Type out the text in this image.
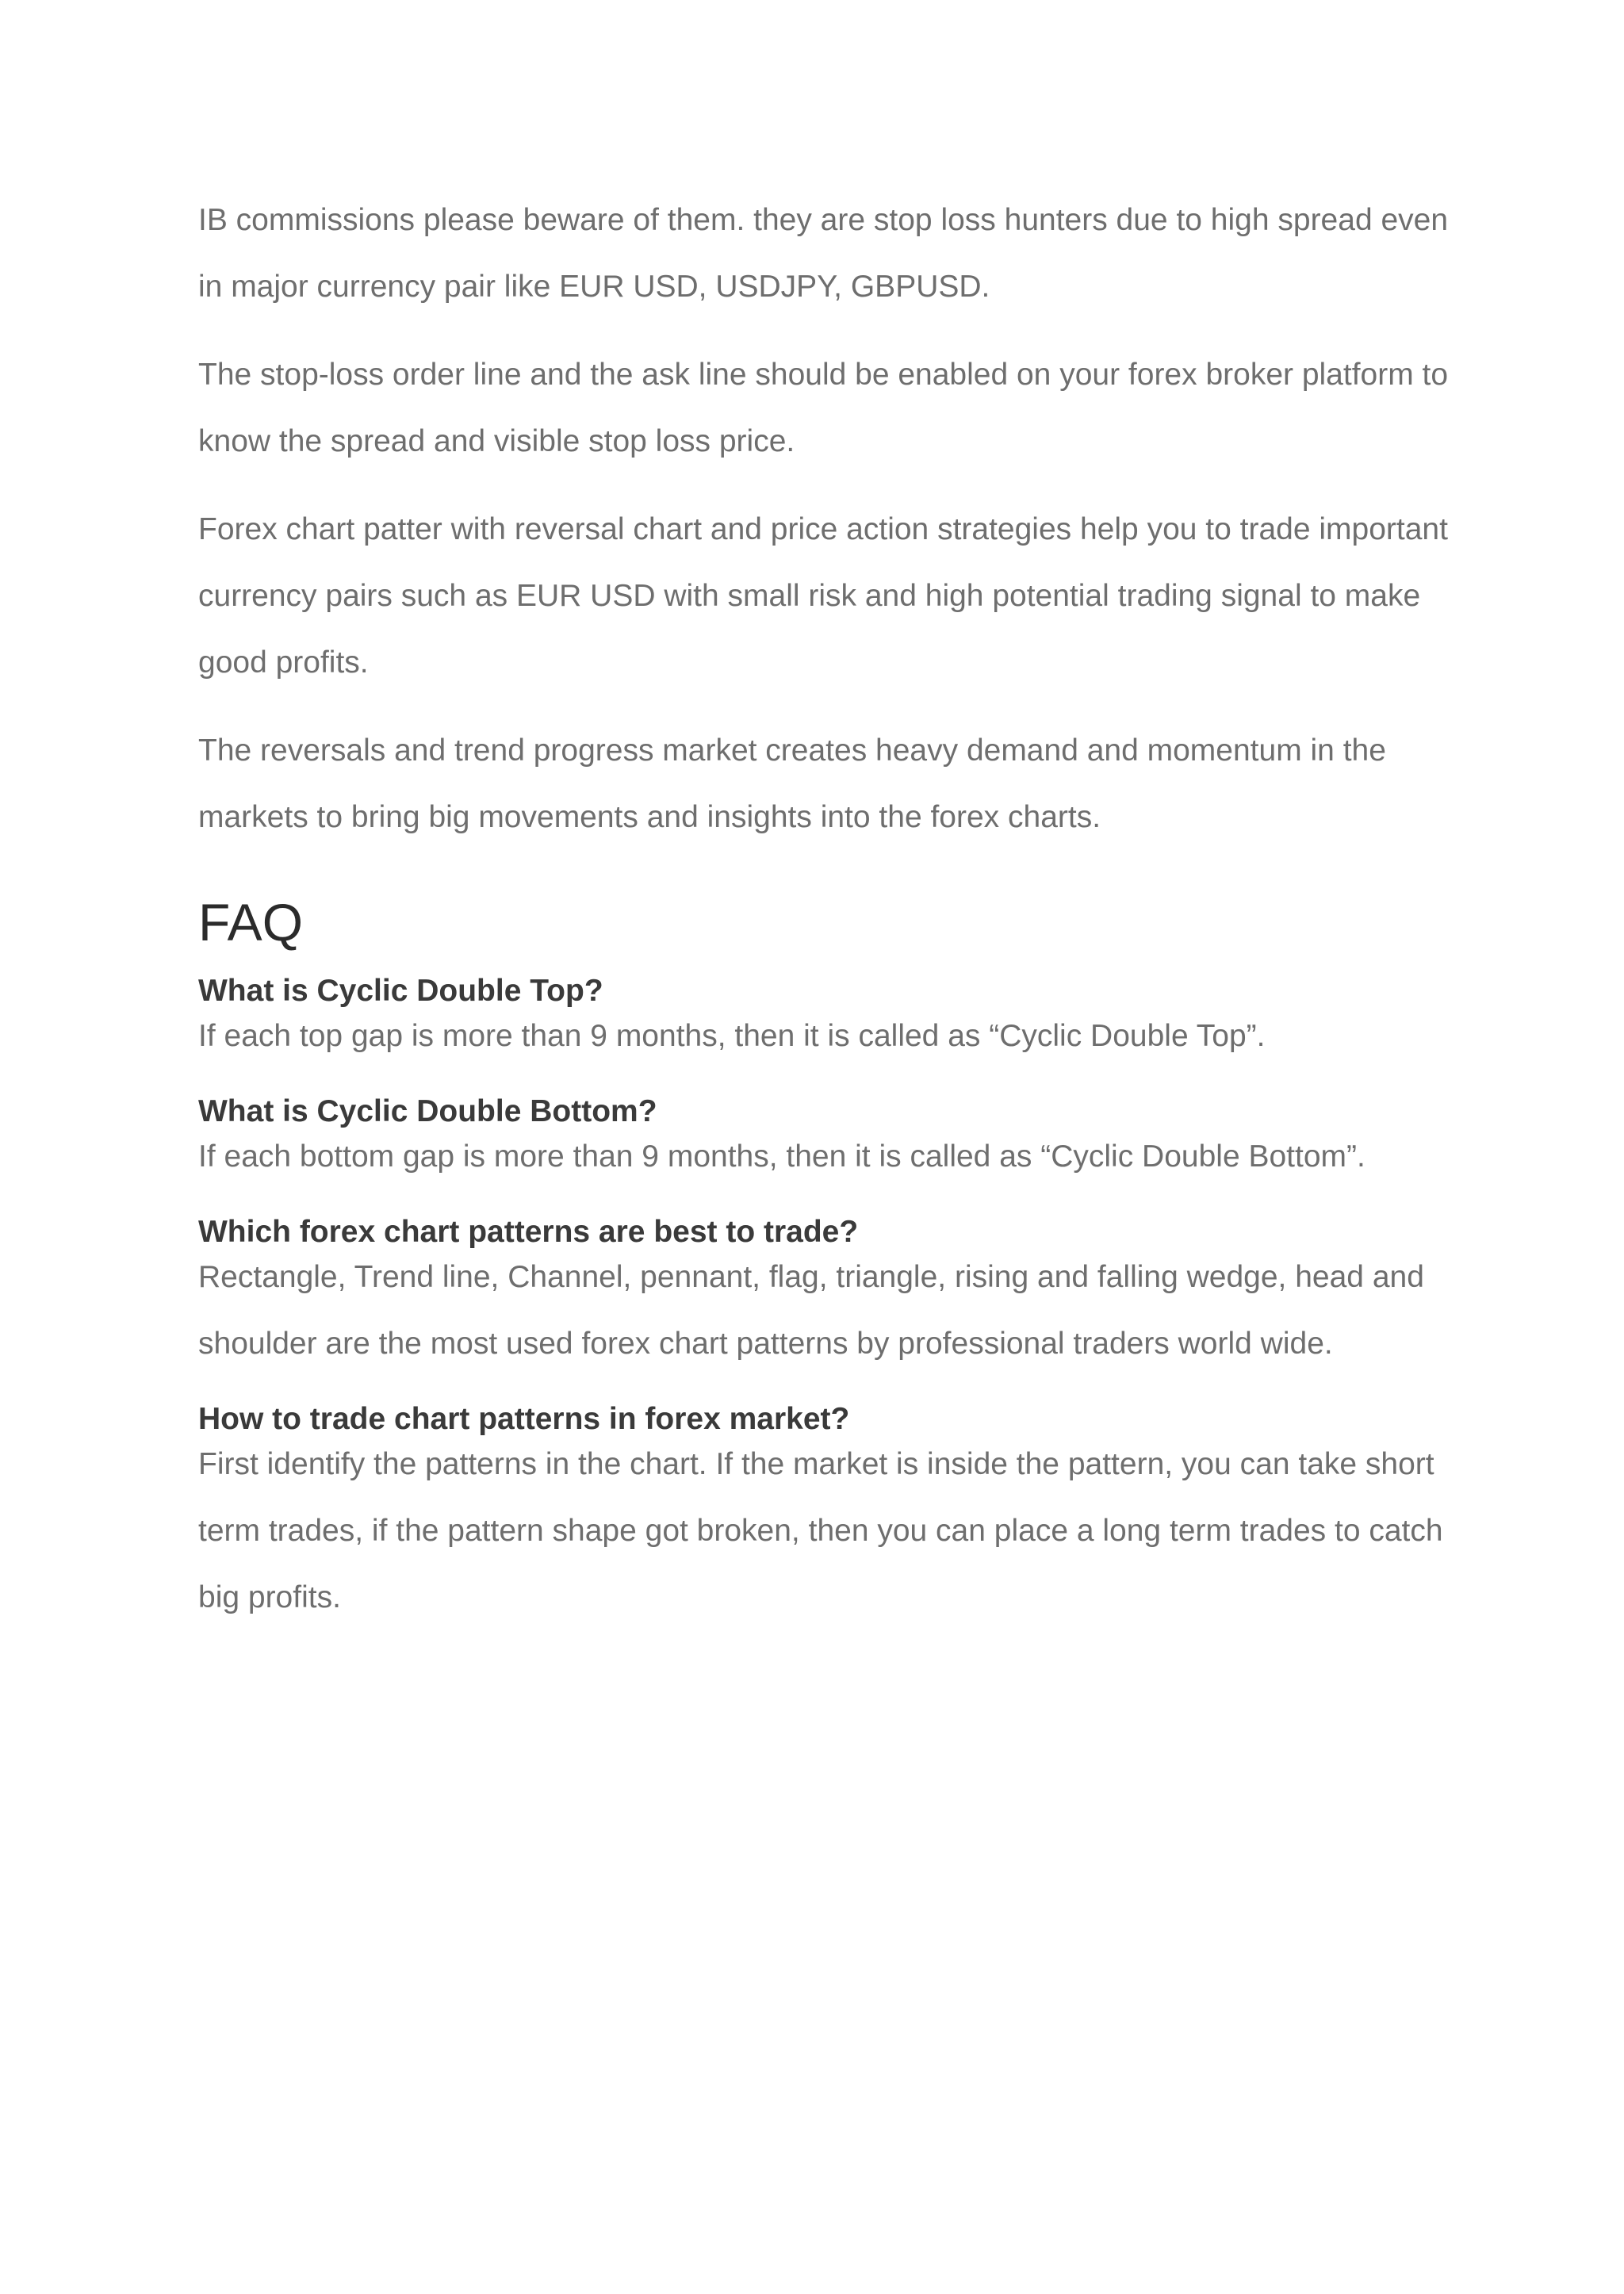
IB commissions please beware of them. they are stop loss hunters due to high spread even in major currency pair like EUR USD, USDJPY, GBPUSD.

The stop-loss order line and the ask line should be enabled on your forex broker platform to know the spread and visible stop loss price.

Forex chart patter with reversal chart and price action strategies help you to trade important currency pairs such as EUR USD with small risk and high potential trading signal to make good profits.

The reversals and trend progress market creates heavy demand and momentum in the markets to bring big movements and insights into the forex charts.

FAQ

What is Cyclic Double Top?

If each top gap is more than 9 months, then it is called as “Cyclic Double Top”.

What is Cyclic Double Bottom?

If each bottom gap is more than 9 months, then it is called as “Cyclic Double Bottom”.

Which forex chart patterns are best to trade?

Rectangle, Trend line, Channel, pennant, flag, triangle, rising and falling wedge, head and shoulder are the most used forex chart patterns by professional traders world wide.

How to trade chart patterns in forex market?

First identify the patterns in the chart. If the market is inside the pattern, you can take short term trades, if the pattern shape got broken, then you can place a long term trades to catch big profits.
